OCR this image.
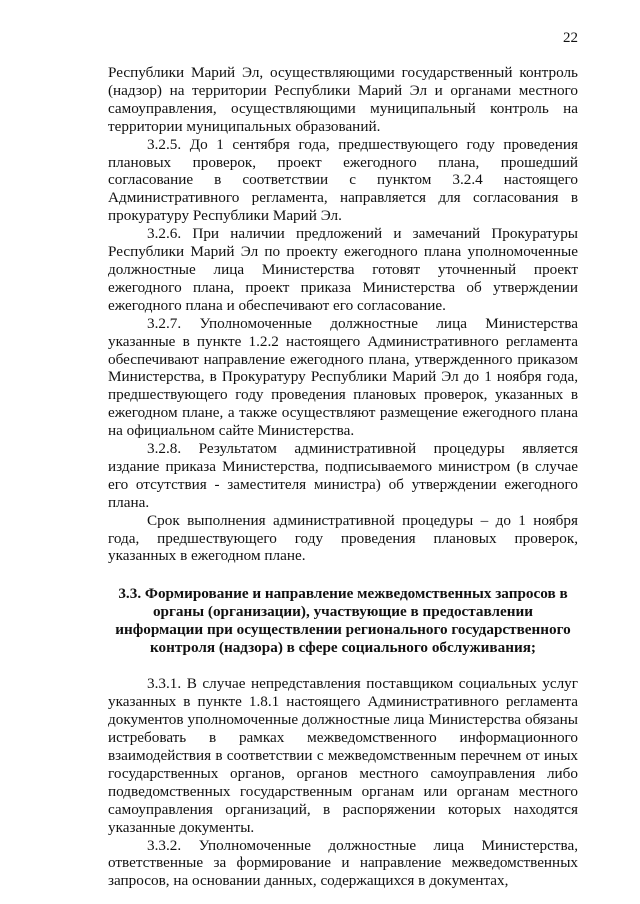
22

Республики Марий Эл, осуществляющими государственный контроль (надзор) на территории Республики Марий Эл и органами местного самоуправления, осуществляющими муниципальный контроль на территории муниципальных образований.

3.2.5. До 1 сентября года, предшествующего году проведения плановых проверок, проект ежегодного плана, прошедший согласование в соответствии с пунктом 3.2.4 настоящего Административного регламента, направляется для согласования в прокуратуру Республики Марий Эл.

3.2.6. При наличии предложений и замечаний Прокуратуры Республики Марий Эл по проекту ежегодного плана уполномоченные должностные лица Министерства готовят уточненный проект ежегодного плана, проект приказа Министерства об утверждении ежегодного плана и обеспечивают его согласование.

3.2.7. Уполномоченные должностные лица Министерства указанные в пункте 1.2.2 настоящего Административного регламента обеспечивают направление ежегодного плана, утвержденного приказом Министерства, в Прокуратуру Республики Марий Эл до 1 ноября года, предшествующего году проведения плановых проверок, указанных в ежегодном плане, а также осуществляют размещение ежегодного плана на официальном сайте Министерства.

3.2.8. Результатом административной процедуры является издание приказа Министерства, подписываемого министром (в случае его отсутствия - заместителя министра) об утверждении ежегодного плана.

Срок выполнения административной процедуры – до 1 ноября года, предшествующего году проведения плановых проверок, указанных в ежегодном плане.

3.3. Формирование и направление межведомственных запросов в органы (организации), участвующие в предоставлении информации при осуществлении регионального государственного контроля (надзора) в сфере социального обслуживания;

3.3.1. В случае непредставления поставщиком социальных услуг указанных в пункте 1.8.1 настоящего Административного регламента документов уполномоченные должностные лица Министерства обязаны истребовать в рамках межведомственного информационного взаимодействия в соответствии с межведомственным перечнем от иных государственных органов, органов местного самоуправления либо подведомственных государственным органам или органам местного самоуправления организаций, в распоряжении которых находятся указанные документы.

3.3.2. Уполномоченные должностные лица Министерства, ответственные за формирование и направление межведомственных запросов, на основании данных, содержащихся в документах,
